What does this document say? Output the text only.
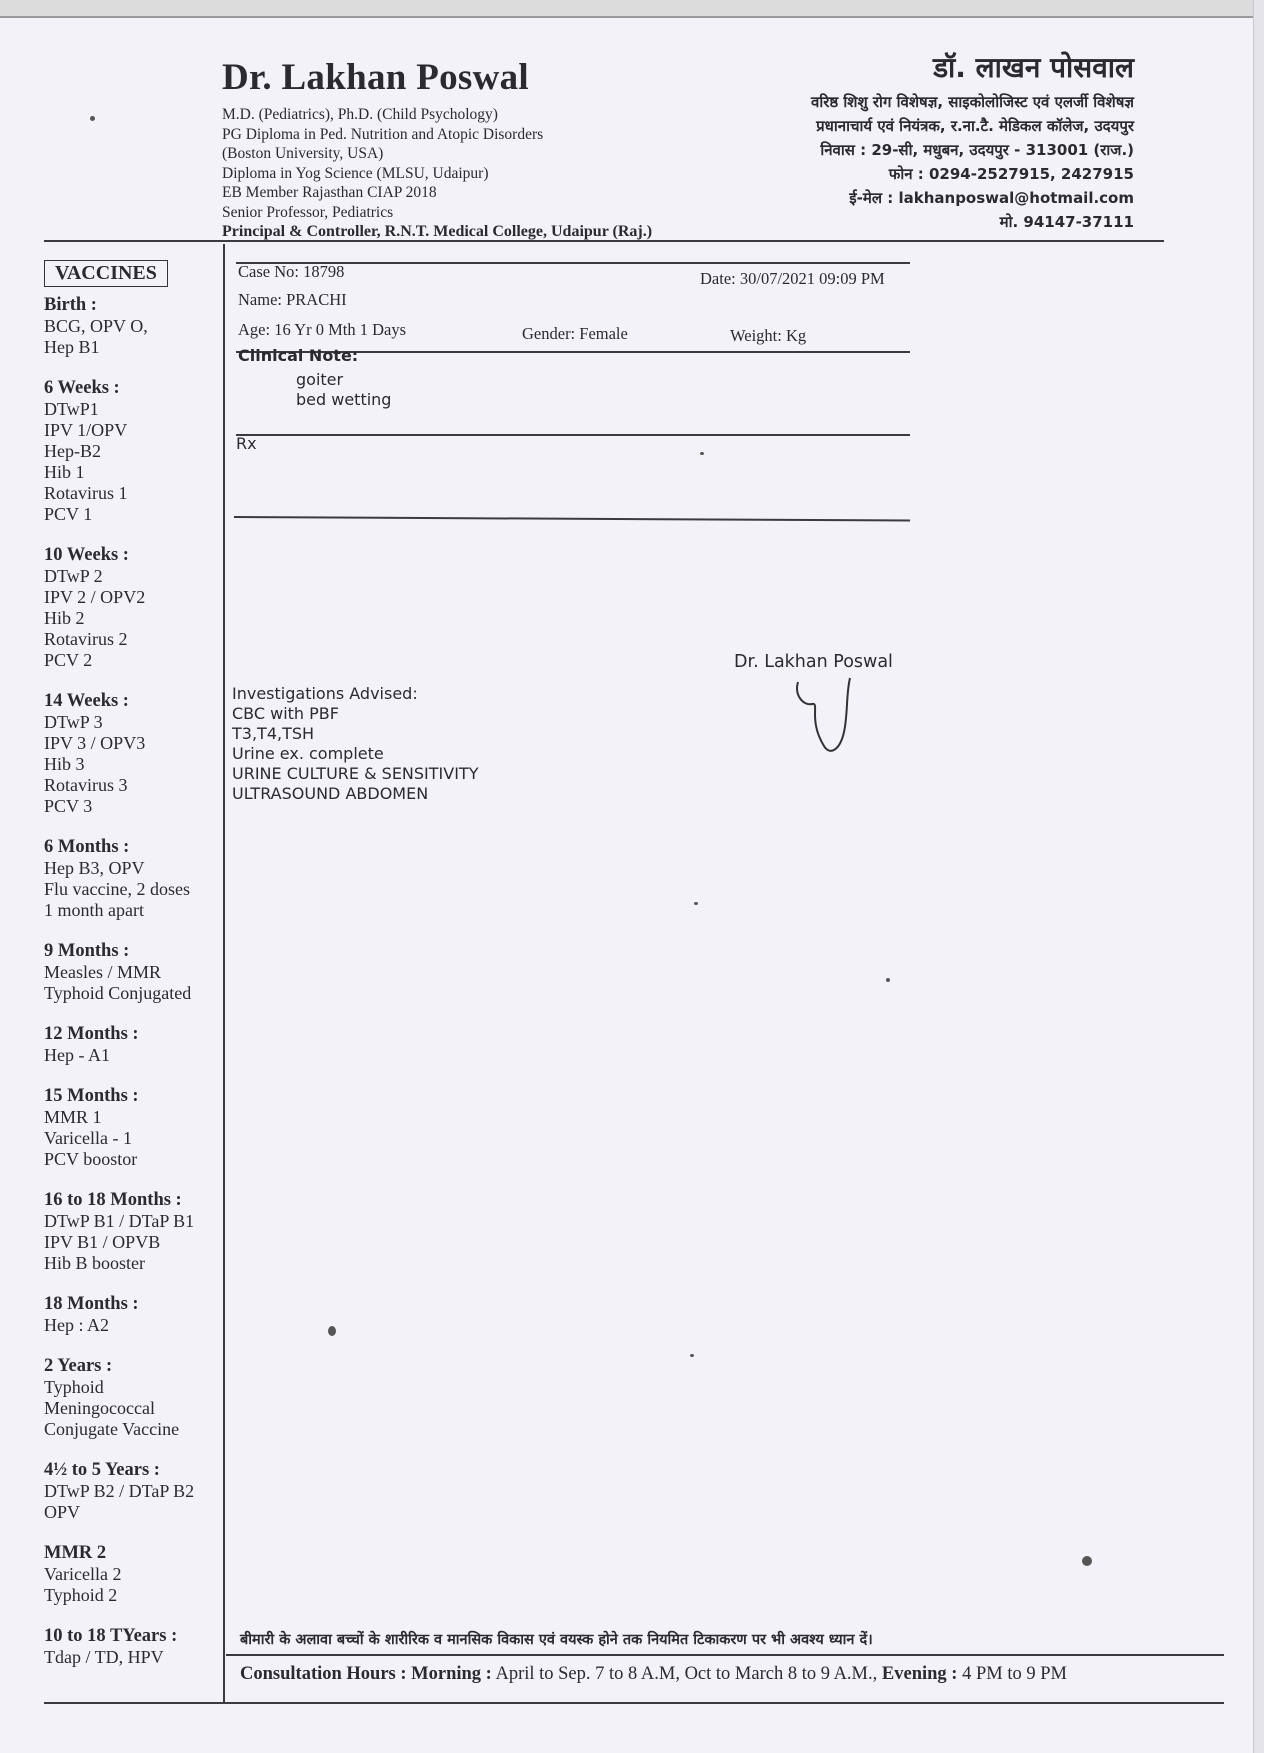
Dr. Lakhan Poswal
M.D. (Pediatrics), Ph.D. (Child Psychology)
PG Diploma in Ped. Nutrition and Atopic Disorders
(Boston University, USA)
Diploma in Yog Science (MLSU, Udaipur)
EB Member Rajasthan CIAP 2018
Senior Professor, Pediatrics
Principal & Controller, R.N.T. Medical College, Udaipur (Raj.)
डॉ. लाखन पोसवाल
वरिष्ठ शिशु रोग विशेषज्ञ, साइकोलोजिस्ट एवं एलर्जी विशेषज्ञ
प्रधानाचार्य एवं नियंत्रक, र.ना.टै. मेडिकल कॉलेज, उदयपुर
निवास : 29-सी, मधुबन, उदयपुर - 313001 (राज.)
फोन : 0294-2527915, 2427915
ई-मेल : lakhanposwal@hotmail.com
मो. 94147-37111
VACCINES
Birth :
BCG, OPV O,
Hep B1
6 Weeks :
DTwP1
IPV 1/OPV
Hep-B2
Hib 1
Rotavirus 1
PCV 1
10 Weeks :
DTwP 2
IPV 2 / OPV2
Hib 2
Rotavirus 2
PCV 2
14 Weeks :
DTwP 3
IPV 3 / OPV3
Hib 3
Rotavirus 3
PCV 3
6 Months :
Hep B3, OPV
Flu vaccine, 2 doses
1 month apart
9 Months :
Measles / MMR
Typhoid Conjugated
12 Months :
Hep - A1
15 Months :
MMR 1
Varicella - 1
PCV boostor
16 to 18 Months :
DTwP B1 / DTaP B1
IPV B1 / OPVB
Hib B booster
18 Months :
Hep : A2
2 Years :
Typhoid
Meningococcal
Conjugate Vaccine
4½ to 5 Years :
DTwP B2 / DTaP B2
OPV
MMR 2
Varicella 2
Typhoid 2
10 to 18 TYears :
Tdap / TD, HPV
Case No: 18798	Date: 30/07/2021 09:09 PM
Name: PRACHI
Age: 16 Yr 0 Mth 1 Days	Gender: Female	Weight: Kg
Clinical Note:
goiter
bed wetting
Rx
Dr. Lakhan Poswal
Investigations Advised:
CBC with PBF
T3,T4,TSH
Urine ex. complete
URINE CULTURE & SENSITIVITY
ULTRASOUND ABDOMEN
बीमारी के अलावा बच्चों के शारीरिक व मानसिक विकास एवं वयस्क होने तक नियमित टिकाकरण पर भी अवश्य ध्यान दें।
Consultation Hours : Morning : April to Sep. 7 to 8 A.M, Oct to March 8 to 9 A.M., Evening : 4 PM to 9 PM
